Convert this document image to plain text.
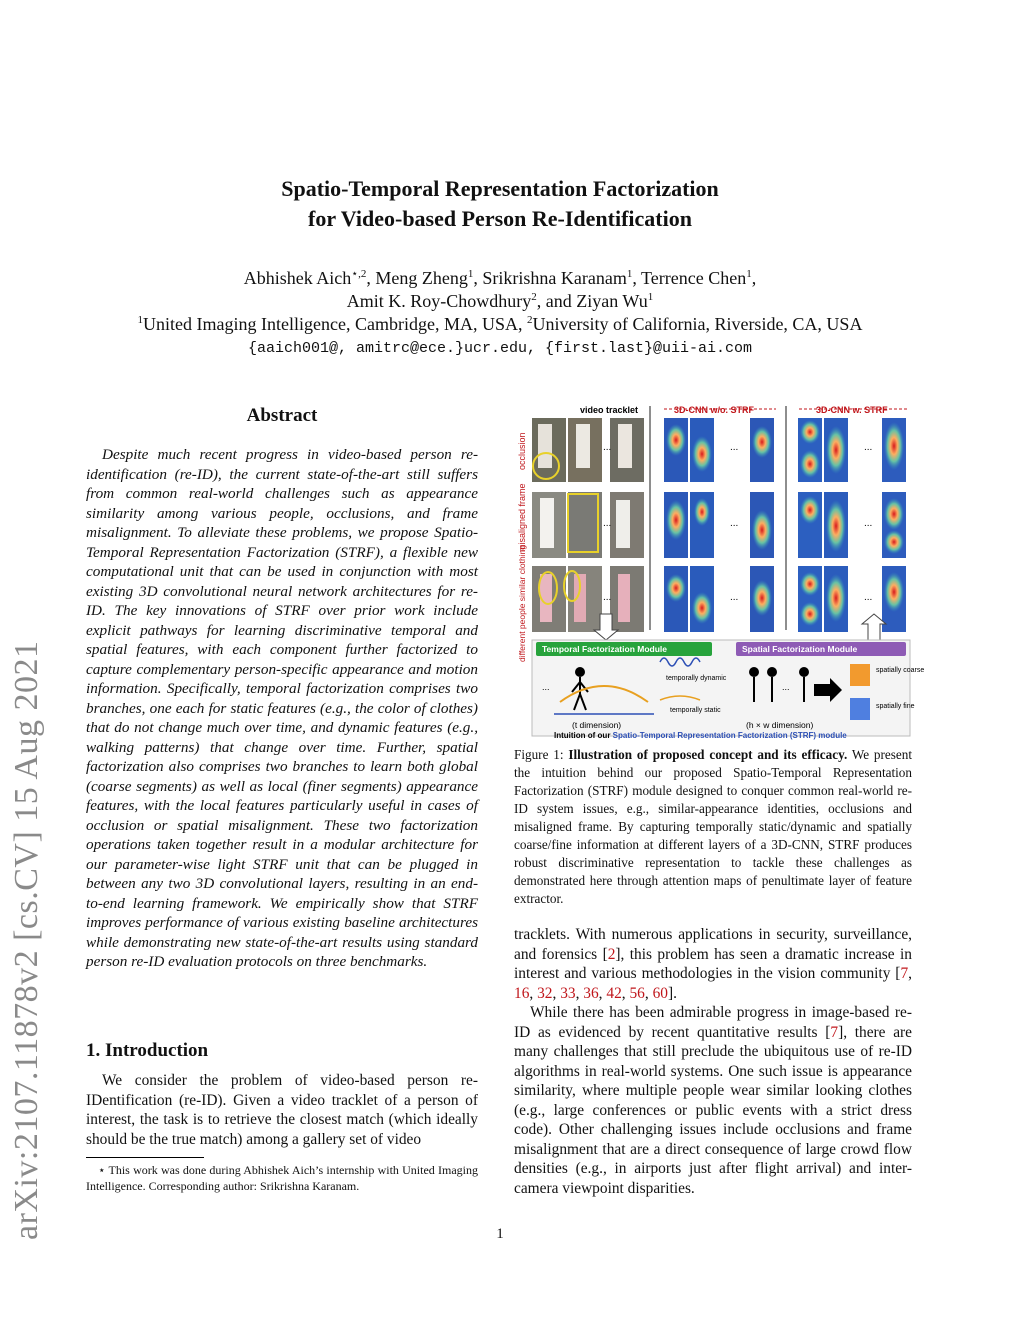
arXiv:2107.11878v2 [cs.CV] 15 Aug 2021
Spatio-Temporal Representation Factorization
for Video-based Person Re-Identification
Abhishek Aich$^{⋆,2}$, Meng Zheng$^1$, Srikrishna Karanam$^1$, Terrence Chen$^1$,
Amit K. Roy-Chowdhury$^2$, and Ziyan Wu$^1$
$^1$United Imaging Intelligence, Cambridge, MA, USA, $^2$University of California, Riverside, CA, USA
{aaich001@, amitrc@ece.}ucr.edu, {first.last}@uii-ai.com
Abstract
Despite much recent progress in video-based person re-identification (re-ID), the current state-of-the-art still suffers from common real-world challenges such as appearance similarity among various people, occlusions, and frame misalignment. To alleviate these problems, we propose Spatio-Temporal Representation Factorization (STRF), a flexible new computational unit that can be used in conjunction with most existing 3D convolutional neural network architectures for re-ID. The key innovations of STRF over prior work include explicit pathways for learning discriminative temporal and spatial features, with each component further factorized to capture complementary person-specific appearance and motion information. Specifically, temporal factorization comprises two branches, one each for static features (e.g., the color of clothes) that do not change much over time, and dynamic features (e.g., walking patterns) that change over time. Further, spatial factorization also comprises two branches to learn both global (coarse segments) as well as local (finer segments) appearance features, with the local features particularly useful in cases of occlusion or spatial misalignment. These two factorization operations taken together result in a modular architecture for our parameter-wise light STRF unit that can be plugged in between any two 3D convolutional layers, resulting in an end-to-end learning framework. We empirically show that STRF improves performance of various existing baseline architectures while demonstrating new state-of-the-art results using standard person re-ID evaluation protocols on three benchmarks.
1. Introduction
We consider the problem of video-based person re-IDentification (re-ID). Given a video tracklet of a person of interest, the task is to retrieve the closest match (which ideally should be the true match) among a gallery set of video
⋆ This work was done during Abhishek Aich’s internship with United Imaging Intelligence. Corresponding author: Srikrishna Karanam.
video tracklet	3D-CNN w/o. STRF	3D-CNN w. STRF
occlusion
misaligned frame
different people similar clothing
...
...
...
...
...
...
...
...
...
Temporal Factorization Module
...
temporally dynamic
temporally static
(t dimension)
Spatial Factorization Module
...
spatially coarse
spatially fine
(h × w dimension)
Intuition of our Spatio-Temporal Representation Factorization (STRF) module
Figure 1: Illustration of proposed concept and its efficacy. We present the intuition behind our proposed Spatio-Temporal Representation Factorization (STRF) module designed to conquer common real-world re-ID system issues, e.g., similar-appearance identities, occlusions and misaligned frame. By capturing temporally static/dynamic and spatially coarse/fine information at different layers of a 3D-CNN, STRF produces robust discriminative representation to tackle these challenges as demonstrated here through attention maps of penultimate layer of feature extractor.

tracklets. With numerous applications in security, surveillance, and forensics [2], this problem has seen a dramatic increase in interest and various methodologies in the vision community [7, 16, 32, 33, 36, 42, 56, 60].

While there has been admirable progress in image-based re-ID as evidenced by recent quantitative results [7], there are many challenges that still preclude the ubiquitous use of re-ID algorithms in real-world systems. One such issue is appearance similarity, where multiple people wear similar looking clothes (e.g., large conferences or public events with a strict dress code). Other challenging issues include occlusions and frame misalignment that are a direct consequence of large crowd flow densities (e.g., in airports just after flight arrival) and inter-camera viewpoint disparities.

1
